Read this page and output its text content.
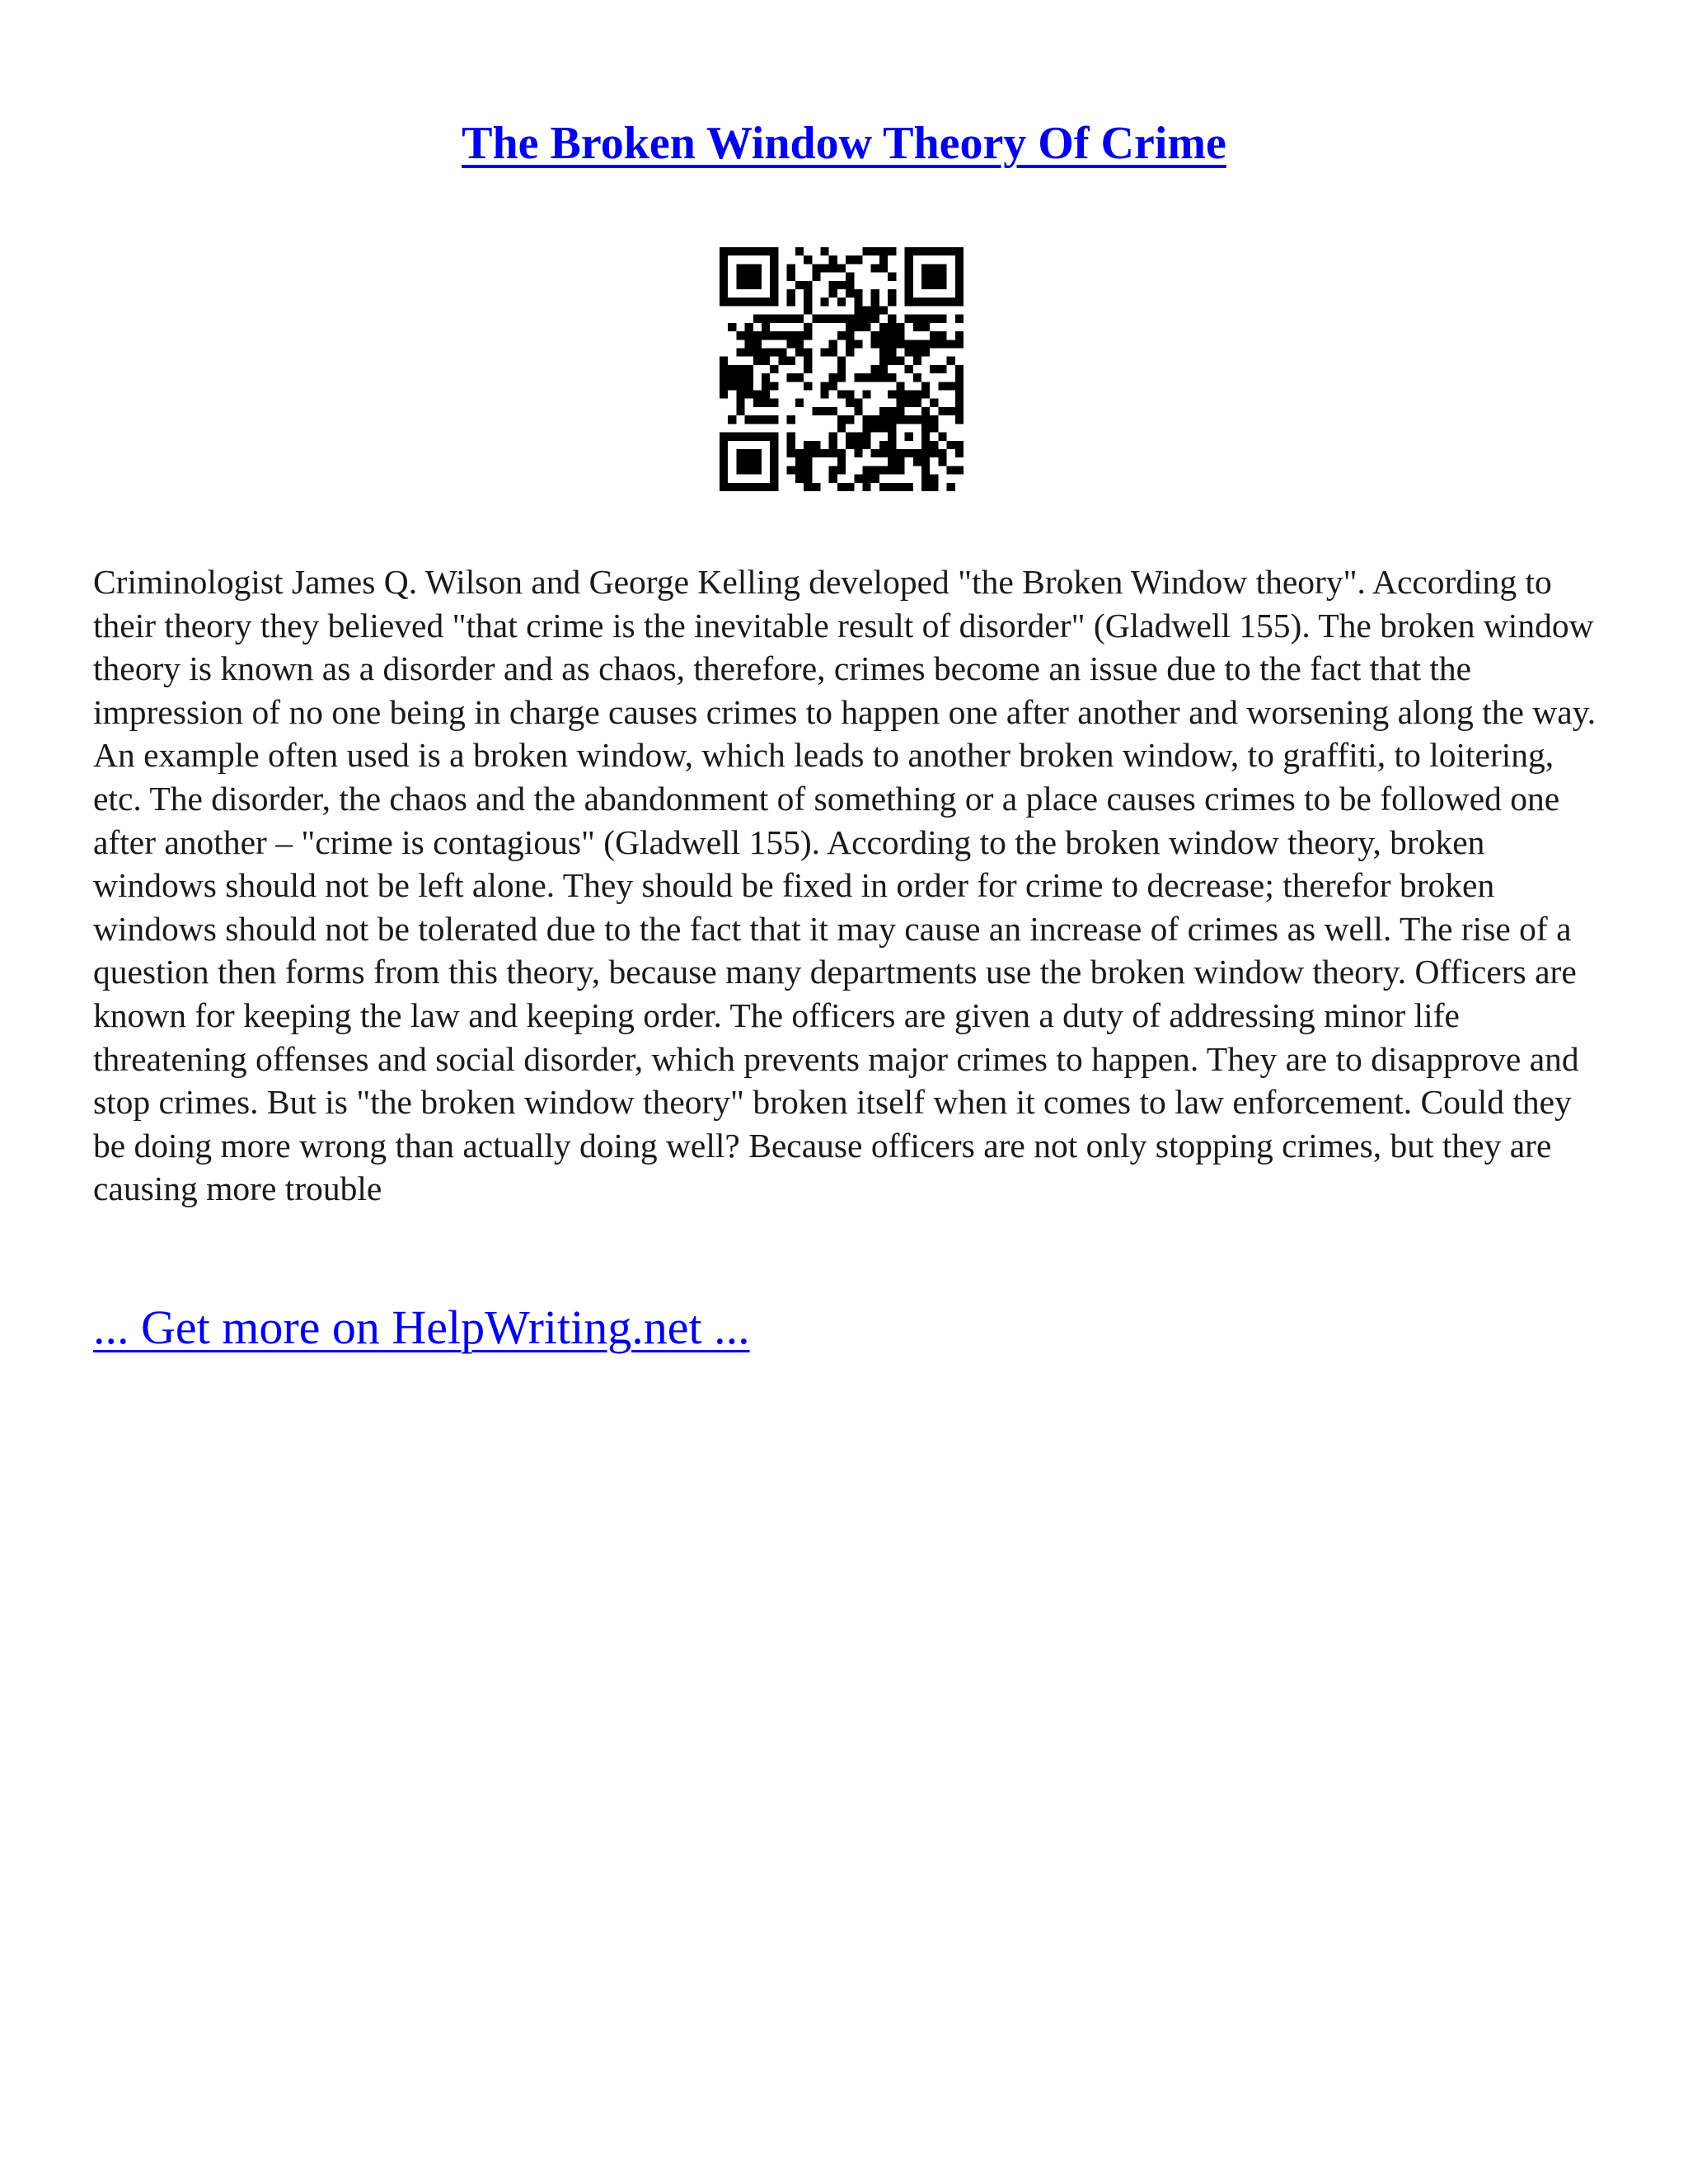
The Broken Window Theory Of Crime

Criminologist James Q. Wilson and George Kelling developed "the Broken Window theory". According to their theory they believed "that crime is the inevitable result of disorder" (Gladwell 155). The broken window theory is known as a disorder and as chaos, therefore, crimes become an issue due to the fact that the impression of no one being in charge causes crimes to happen one after another and worsening along the way. An example often used is a broken window, which leads to another broken window, to graffiti, to loitering, etc. The disorder, the chaos and the abandonment of something or a place causes crimes to be followed one after another – "crime is contagious" (Gladwell 155). According to the broken window theory, broken windows should not be left alone. They should be fixed in order for crime to decrease; therefor broken windows should not be tolerated due to the fact that it may cause an increase of crimes as well. The rise of a question then forms from this theory, because many departments use the broken window theory. Officers are known for keeping the law and keeping order. The officers are given a duty of addressing minor life threatening offenses and social disorder, which prevents major crimes to happen. They are to disapprove and stop crimes. But is "the broken window theory" broken itself when it comes to law enforcement. Could they be doing more wrong than actually doing well? Because officers are not only stopping crimes, but they are causing more trouble

... Get more on HelpWriting.net ...
